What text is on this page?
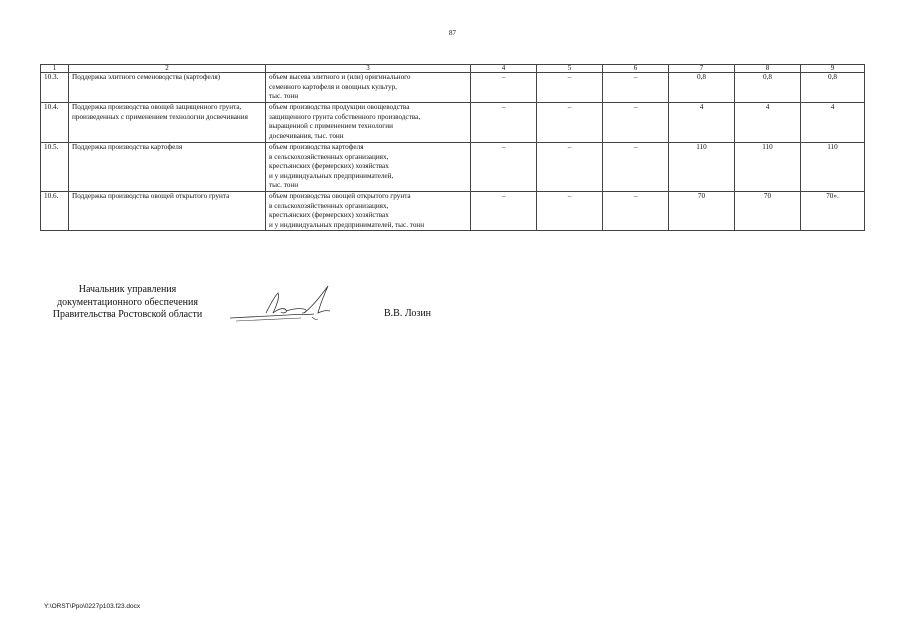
87
1	2	3	4	5	6	7	8	9
10.3.	Поддержка элитного семеноводства (картофеля)	объем высева элитного и (или) оригинального
семенного картофеля и овощных культур,
тыс. тонн	–	–	–	0,8	0,8	0,8
10.4.	Поддержка производства овощей защищенного грунта, произведенных с применением технологии досвечивания	объем производства продукции овощеводства
защищенного грунта собственного производства,
выращенной с применением технологии
досвечивания, тыс. тонн	–	–	–	4	4	4
10.5.	Поддержка производства картофеля	объем производства картофеля
в сельскохозяйственных организациях,
крестьянских (фермерских) хозяйствах
и у индивидуальных предпринимателей,
тыс. тонн	–	–	–	110	110	110
10.6.	Поддержка производства овощей открытого грунта	объем производства овощей открытого грунта
в сельскохозяйственных организациях,
крестьянских (фермерских) хозяйствах
и у индивидуальных предпринимателей, тыс. тонн	–	–	–	70	70	70».
Начальник управления
документационного обеспечения
Правительства Ростовской области	В.В. Лозин
Y:\ORST\Ppo\0227p103.f23.docx
